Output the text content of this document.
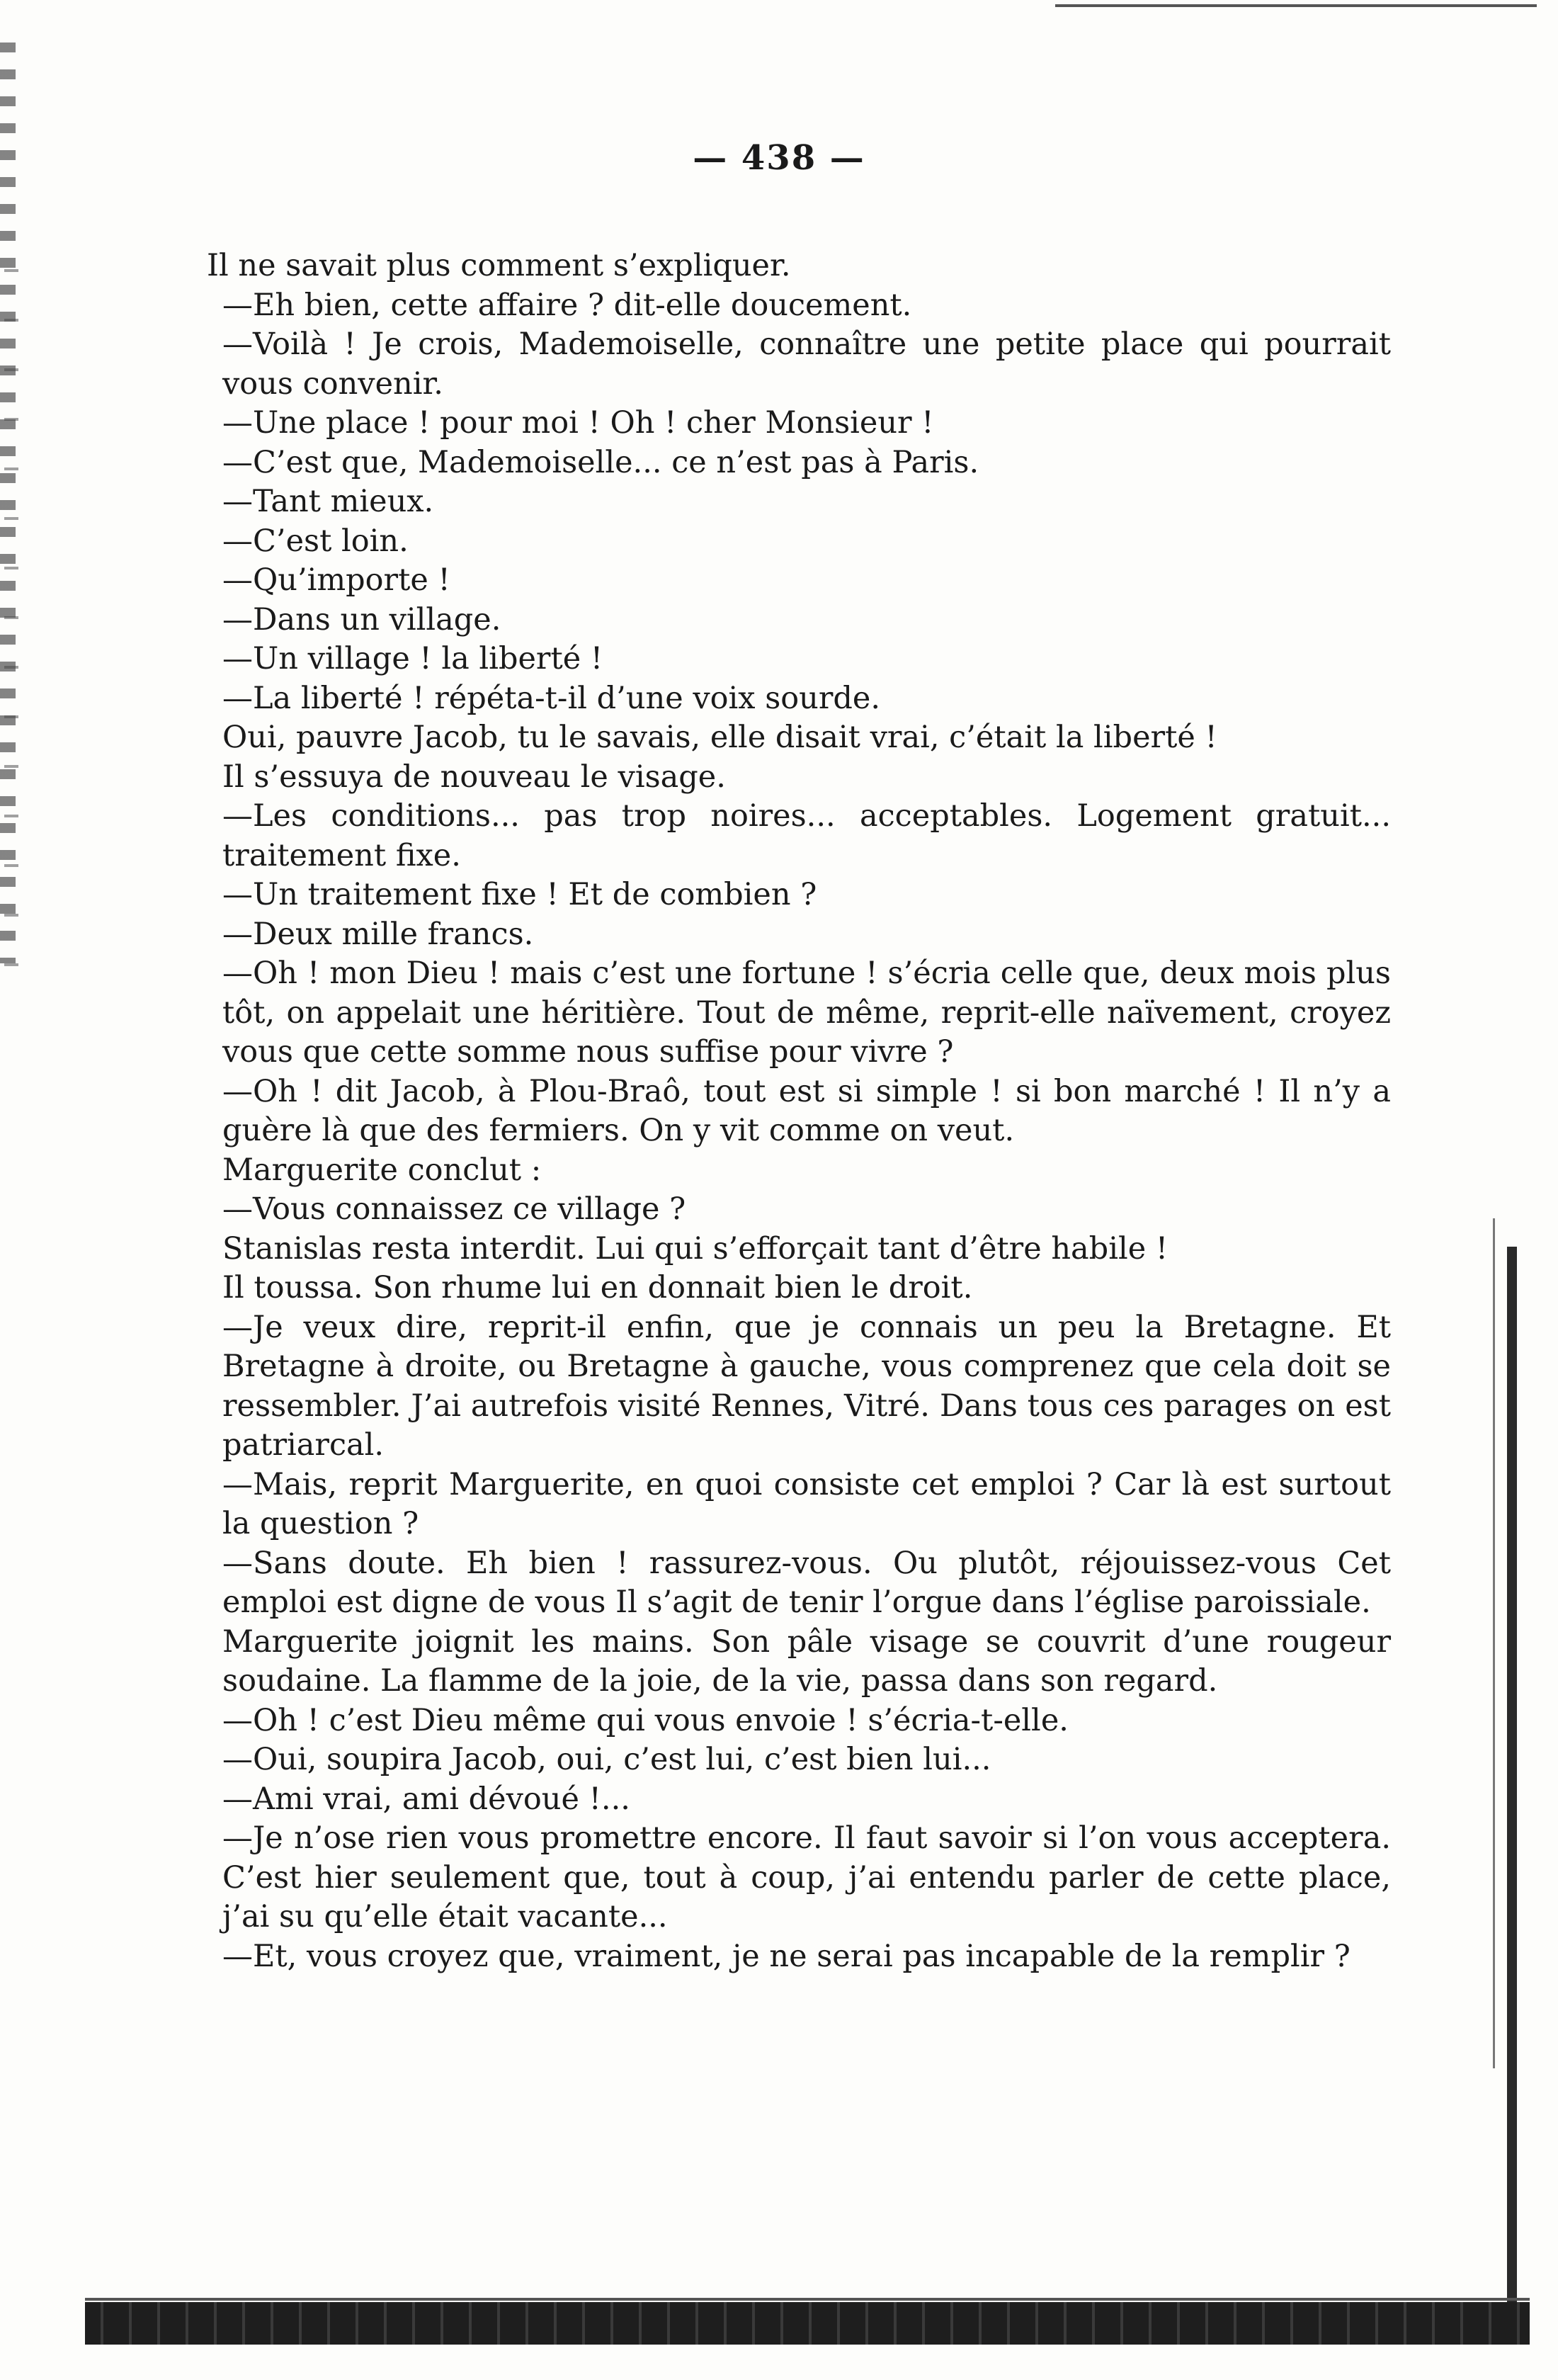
— 438 —

Il ne savait plus comment s’expliquer.

—Eh bien, cette affaire ? dit-elle doucement.

—Voilà ! Je crois, Mademoiselle, connaître une petite place qui pourrait vous convenir.

—Une place ! pour moi ! Oh ! cher Monsieur !

—C’est que, Mademoiselle... ce n’est pas à Paris.

—Tant mieux.

—C’est loin.

—Qu’importe !

—Dans un village.

—Un village ! la liberté !

—La liberté ! répéta-t-il d’une voix sourde.

Oui, pauvre Jacob, tu le savais, elle disait vrai, c’était la liberté !

Il s’essuya de nouveau le visage.

—Les conditions... pas trop noires... acceptables. Logement gratuit... traitement fixe.

—Un traitement fixe ! Et de combien ?

—Deux mille francs.

—Oh ! mon Dieu ! mais c’est une fortune ! s’écria celle que, deux mois plus tôt, on appelait une héritière. Tout de même, reprit-elle naïvement, croyez vous que cette somme nous suffise pour vivre ?

—Oh ! dit Jacob, à Plou-Braô, tout est si simple ! si bon marché ! Il n’y a guère là que des fermiers. On y vit comme on veut.

Marguerite conclut :

—Vous connaissez ce village ?

Stanislas resta interdit. Lui qui s’efforçait tant d’être habile !

Il toussa. Son rhume lui en donnait bien le droit.

—Je veux dire, reprit-il enfin, que je connais un peu la Bretagne. Et Bretagne à droite, ou Bretagne à gauche, vous comprenez que cela doit se ressembler. J’ai autrefois visité Rennes, Vitré. Dans tous ces parages on est patriarcal.

—Mais, reprit Marguerite, en quoi consiste cet emploi ? Car là est surtout la question ?

—Sans doute. Eh bien ! rassurez-vous. Ou plutôt, réjouissez-vous Cet emploi est digne de vous Il s’agit de tenir l’orgue dans l’église paroissiale.

Marguerite joignit les mains. Son pâle visage se couvrit d’une rougeur soudaine. La flamme de la joie, de la vie, passa dans son regard.

—Oh ! c’est Dieu même qui vous envoie ! s’écria-t-elle.

—Oui, soupira Jacob, oui, c’est lui, c’est bien lui...

—Ami vrai, ami dévoué !...

—Je n’ose rien vous promettre encore. Il faut savoir si l’on vous acceptera. C’est hier seulement que, tout à coup, j’ai entendu parler de cette place, j’ai su qu’elle était vacante...

—Et, vous croyez que, vraiment, je ne serai pas incapable de la remplir ?
